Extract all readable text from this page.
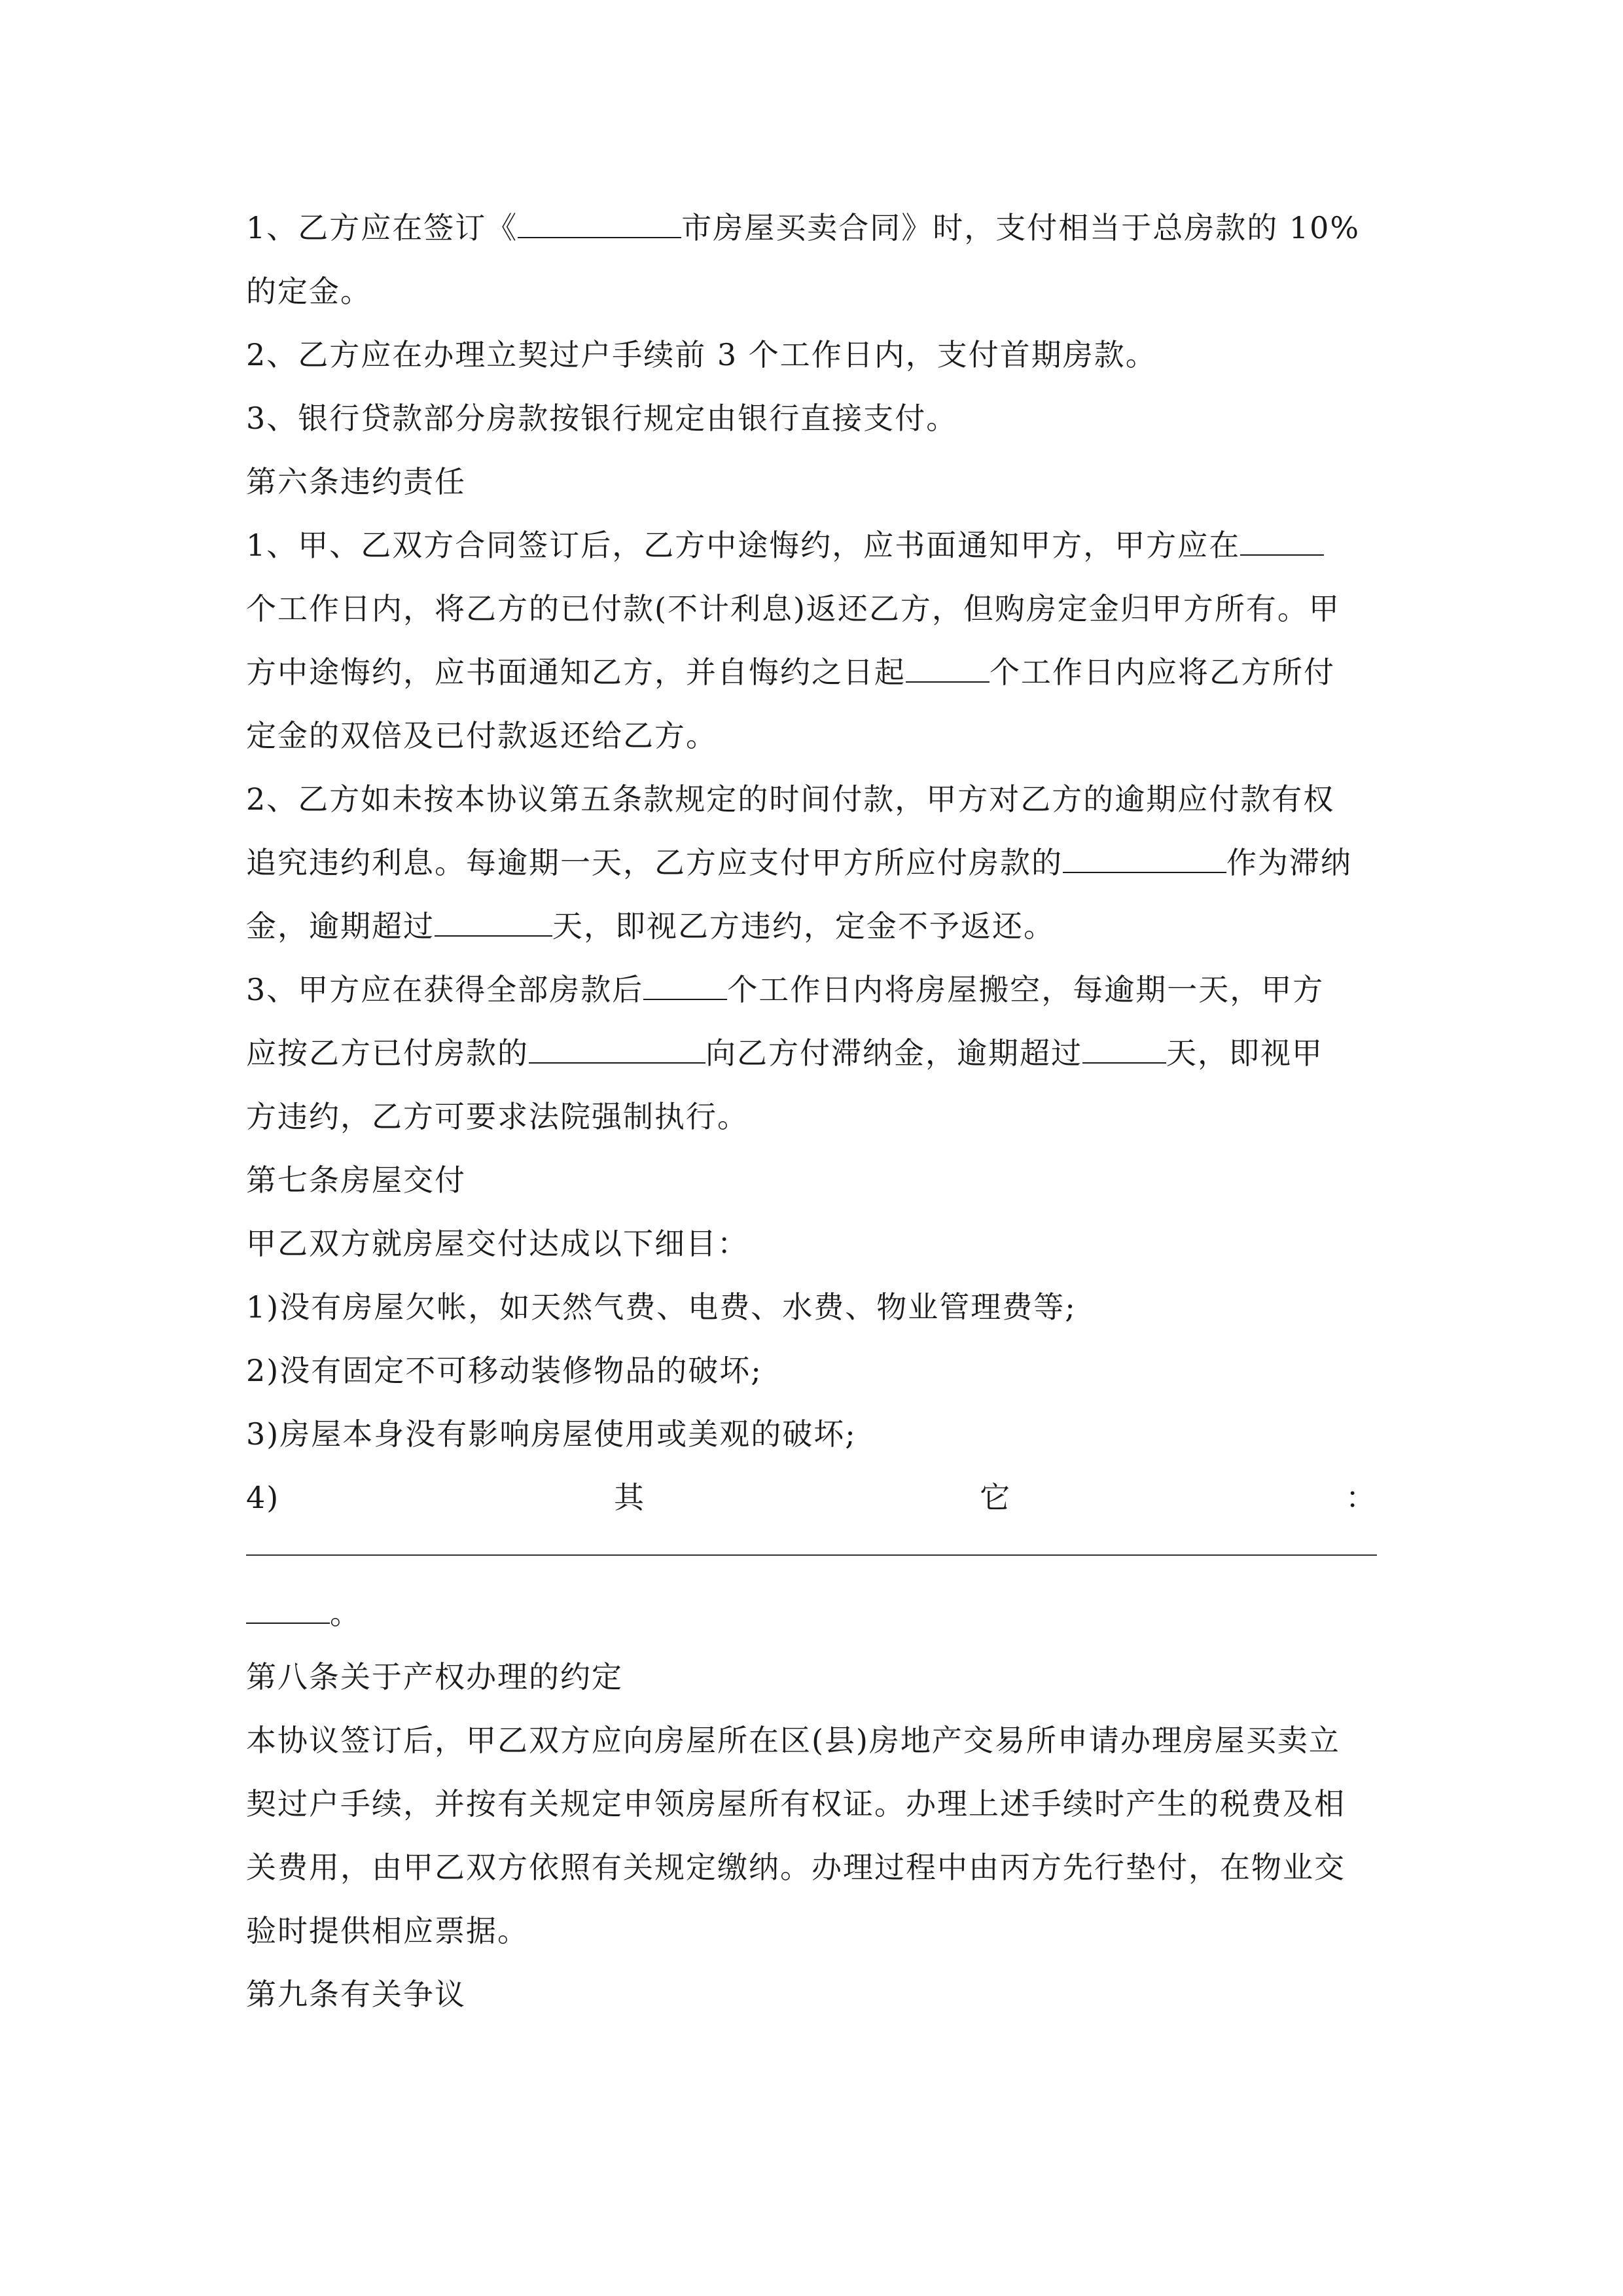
1、乙方应在签订《	市房屋买卖合同》时，支付相当于总房款的 10%
的定金。
2、乙方应在办理立契过户手续前 3 个工作日内，支付首期房款。
3、银行贷款部分房款按银行规定由银行直接支付。
第六条违约责任
1、甲、乙双方合同签订后，乙方中途悔约，应书面通知甲方，甲方应在
个工作日内，将乙方的已付款(不计利息)返还乙方，但购房定金归甲方所有。甲
方中途悔约，应书面通知乙方，并自悔约之日起	个工作日内应将乙方所付
定金的双倍及已付款返还给乙方。
2、乙方如未按本协议第五条款规定的时间付款，甲方对乙方的逾期应付款有权
追究违约利息。每逾期一天，乙方应支付甲方所应付房款的	作为滞纳
金，逾期超过	天，即视乙方违约，定金不予返还。
3、甲方应在获得全部房款后	个工作日内将房屋搬空，每逾期一天，甲方
应按乙方已付房款的	向乙方付滞纳金，逾期超过	天，即视甲
方违约，乙方可要求法院强制执行。
第七条房屋交付
甲乙双方就房屋交付达成以下细目：
1)没有房屋欠帐，如天然气费、电费、水费、物业管理费等;
2)没有固定不可移动装修物品的破坏;
3)房屋本身没有影响房屋使用或美观的破坏;
4)	其	它	：
。
第八条关于产权办理的约定
本协议签订后，甲乙双方应向房屋所在区(县)房地产交易所申请办理房屋买卖立
契过户手续，并按有关规定申领房屋所有权证。办理上述手续时产生的税费及相
关费用，由甲乙双方依照有关规定缴纳。办理过程中由丙方先行垫付，在物业交
验时提供相应票据。
第九条有关争议
